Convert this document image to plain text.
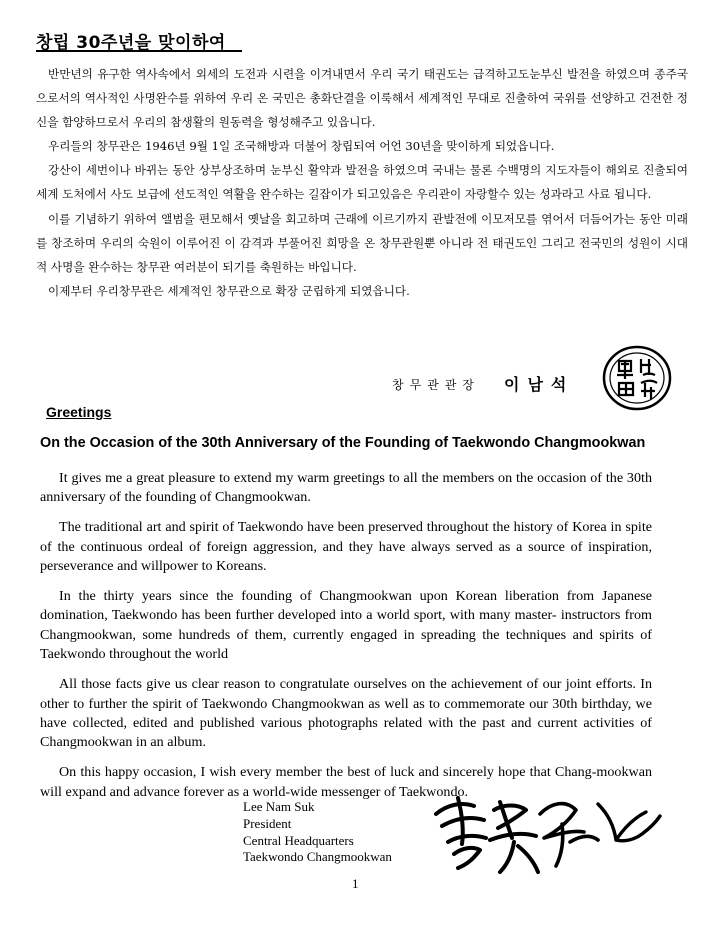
창립 30주년을 맞이하여

반만년의 유구한 역사속에서 외세의 도전과 시련을 이겨내면서 우리 국기 태권도는 급격하고도눈부신 발전을 하였으며 종주국으로서의 역사적인 사명완수를 위하여 우리 온 국민은 총화단결을 이룩해서 세계적인 무대로 진출하여 국위를 선양하고 건전한 정신을 함양하므로서 우리의 참생활의 원동력을 형성해주고 있읍니다.

우리들의 창무관은 1946년 9월 1일 조국해방과 더불어 창립되여 어언 30년을 맞이하게 되었읍니다.

강산이 세번이나 바뀌는 동안 상부상조하며 눈부신 활약과 발전을 하였으며 국내는 물론 수백명의 지도자들이 해외로 진출되여 세계 도처에서 사도 보급에 선도적인 역활을 완수하는 길잡이가 되고있음은 우리관이 자랑할수 있는 성과라고 사료 됩니다.

이를 기념하기 위하여 앨범을 편모해서 옛날을 회고하며 근래에 이르기까지 관발전에 이모저모를 엮어서 더듬어가는 동안 미래를 창조하며 우리의 숙원이 이루어진 이 감격과 부풀어진 희망을 온 창무관원뿐 아니라 전 태권도인 그리고 전국민의 성원이 시대적 사명을 완수하는 창무관 여러분이 되기를 축원하는 바입니다.

이제부터 우리창무관은 세계적인 창무관으로 확장 군립하게 되였읍니다.

창무관관장 이남석
Greetings
On the Occasion of the 30th Anniversary of the Founding of Taekwondo Changmookwan

It gives me a great pleasure to extend my warm greetings to all the members on the occasion of the 30th anniversary of the founding of Changmookwan.

The traditional art and spirit of Taekwondo have been preserved throughout the history of Korea in spite of the continuous ordeal of foreign aggression, and they have always served as a source of inspiration, perseverance and willpower to Koreans.

In the thirty years since the founding of Changmookwan upon Korean liberation from Japanese domination, Taekwondo has been further developed into a world sport, with many master- instructors from Changmookwan, some hundreds of them, currently engaged in spreading the techniques and spirits of Taekwondo throughout the world

All those facts give us clear reason to congratulate ourselves on the achievement of our joint efforts. In other to further the spirit of Taekwondo Changmookwan as well as to commemorate our 30th birthday, we have collected, edited and published various photographs related with the past and current activities of Changmookwan in an album.

On this happy occasion, I wish every member the best of luck and sincerely hope that Chang-mookwan will expand and advance forever as a world-wide messenger of Taekwondo.

Lee Nam Suk
President
Central Headquarters
Taekwondo Changmookwan
1
